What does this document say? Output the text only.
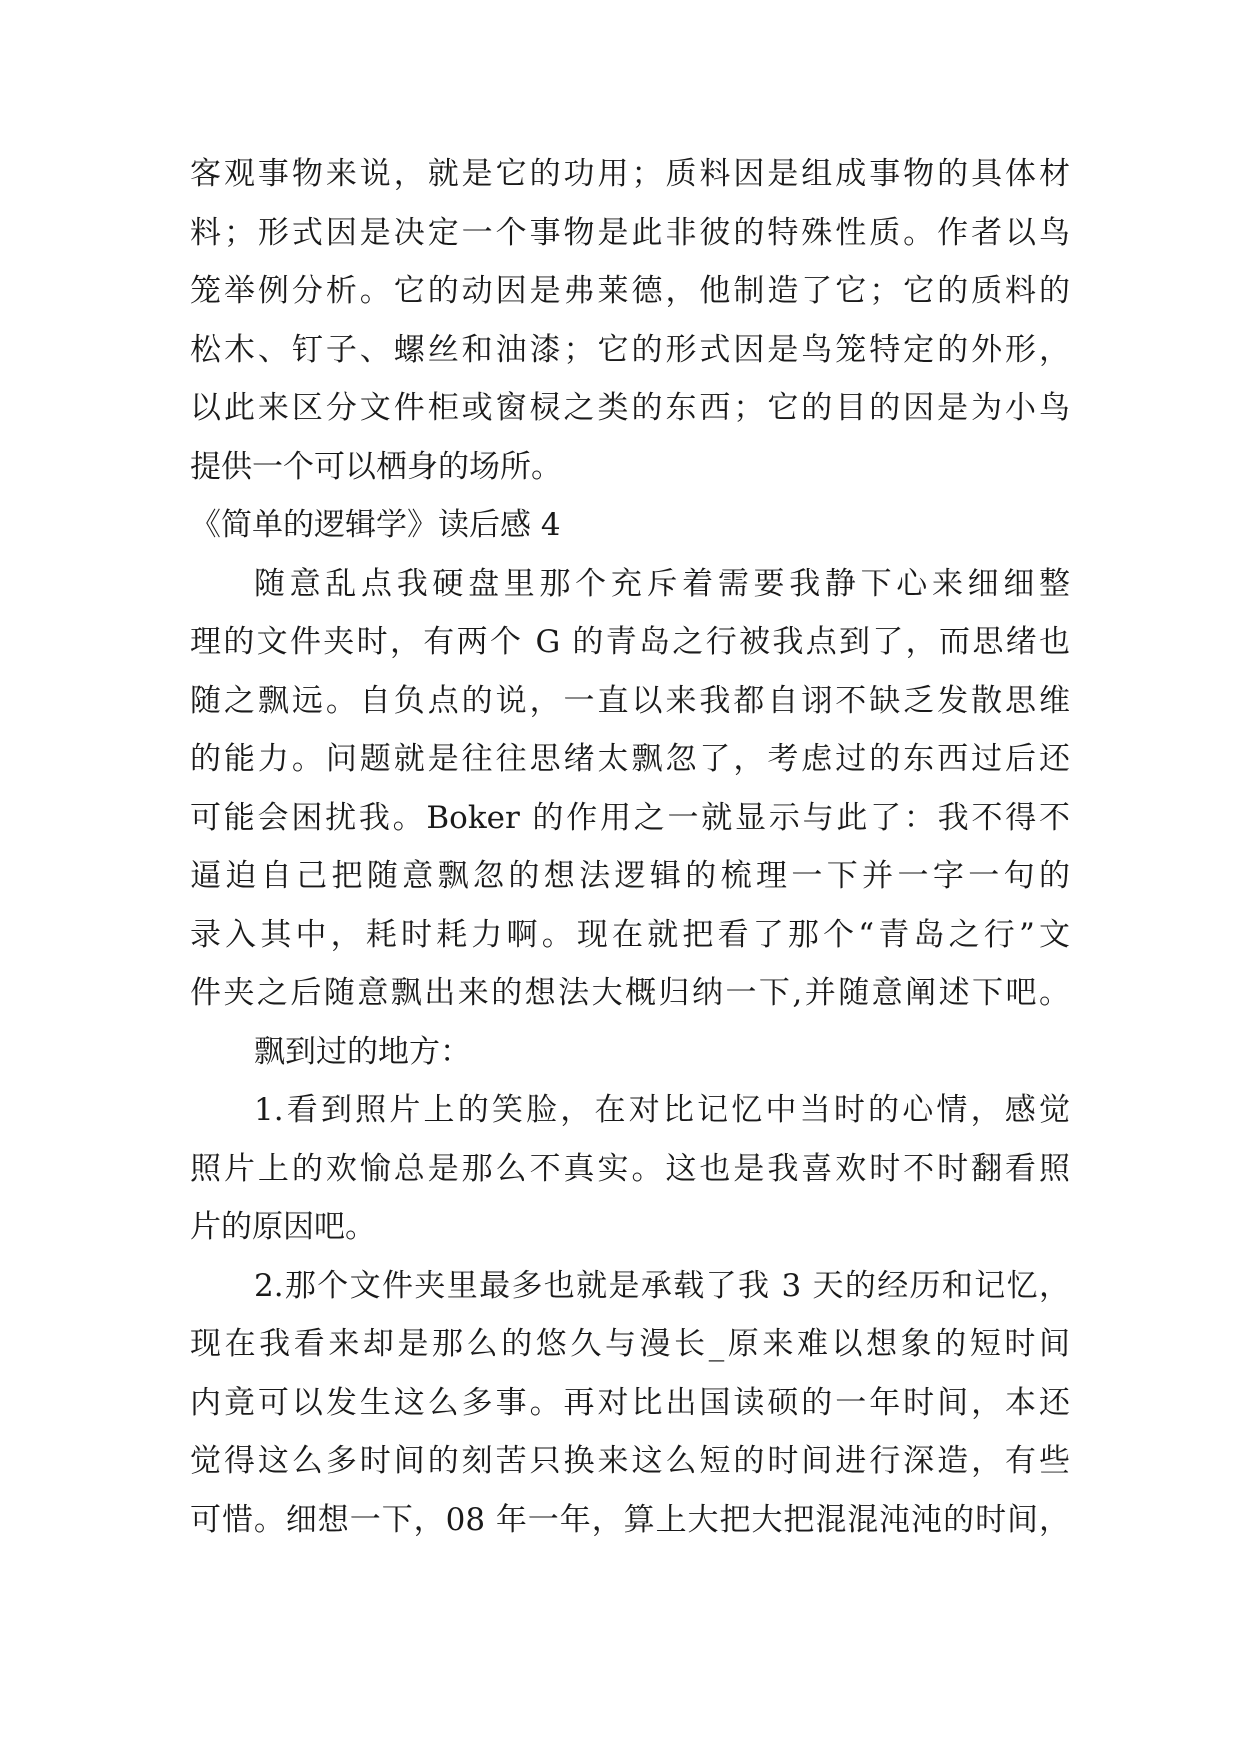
客观事物来说，就是它的功用；质料因是组成事物的具体材
料；形式因是决定一个事物是此非彼的特殊性质。作者以鸟
笼举例分析。它的动因是弗莱德，他制造了它；它的质料的
松木、钉子、螺丝和油漆；它的形式因是鸟笼特定的外形，
以此来区分文件柜或窗棂之类的东西；它的目的因是为小鸟
提供一个可以栖身的场所。
《简单的逻辑学》读后感 4
随意乱点我硬盘里那个充斥着需要我静下心来细细整
理的文件夹时，有两个 G 的青岛之行被我点到了，而思绪也
随之飘远。自负点的说，一直以来我都自诩不缺乏发散思维
的能力。问题就是往往思绪太飘忽了，考虑过的东西过后还
可能会困扰我。Boker 的作用之一就显示与此了：我不得不
逼迫自己把随意飘忽的想法逻辑的梳理一下并一字一句的
录入其中，耗时耗力啊。现在就把看了那个“青岛之行”文
件夹之后随意飘出来的想法大概归纳一下,并随意阐述下吧。
飘到过的地方：
1.看到照片上的笑脸，在对比记忆中当时的心情，感觉
照片上的欢愉总是那么不真实。这也是我喜欢时不时翻看照
片的原因吧。
2.那个文件夹里最多也就是承载了我 3 天的经历和记忆，
现在我看来却是那么的悠久与漫长_原来难以想象的短时间
内竟可以发生这么多事。再对比出国读硕的一年时间，本还
觉得这么多时间的刻苦只换来这么短的时间进行深造，有些
可惜。细想一下，08 年一年，算上大把大把混混沌沌的时间，
